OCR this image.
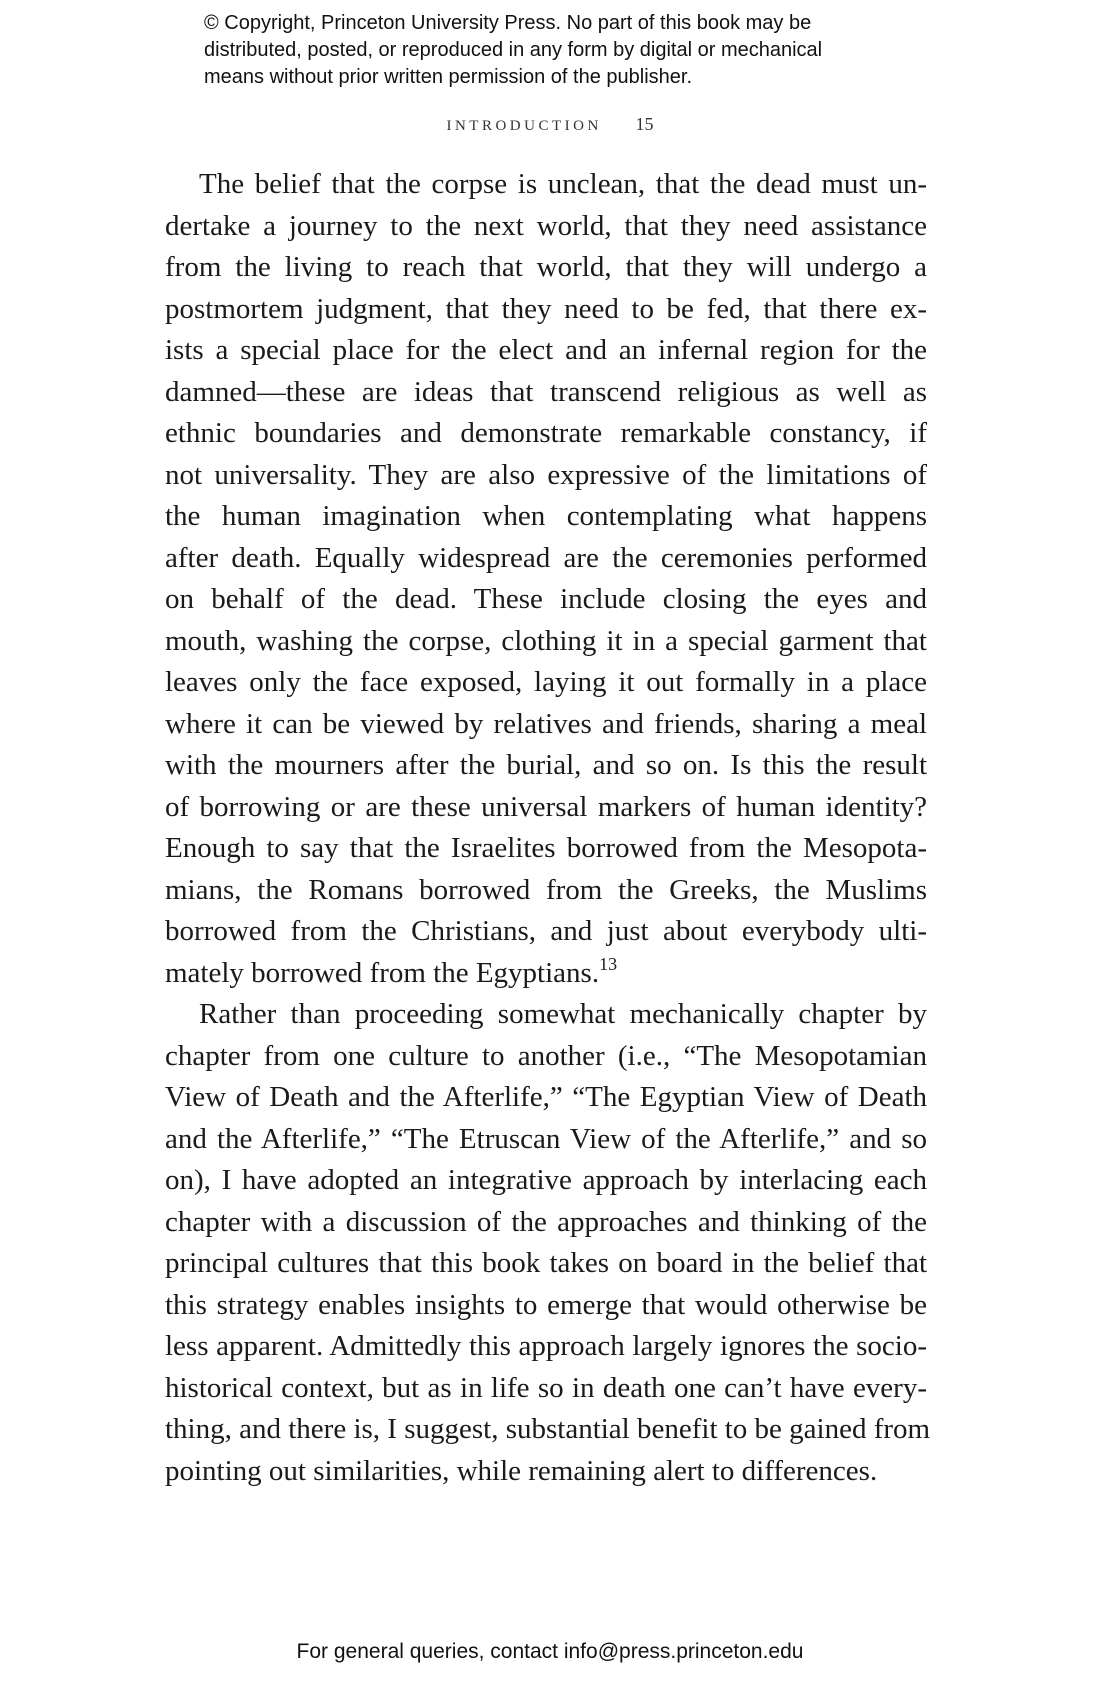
© Copyright, Princeton University Press. No part of this book may be
distributed, posted, or reproduced in any form by digital or mechanical
means without prior written permission of the publisher.
INTRODUCTION 15
The belief that the corpse is unclean, that the dead must un-
dertake a journey to the next world, that they need assistance
from the living to reach that world, that they will undergo a
postmortem judgment, that they need to be fed, that there ex-
ists a special place for the elect and an infernal region for the
damned—these are ideas that transcend religious as well as
ethnic boundaries and demonstrate remarkable constancy, if
not universality. They are also expressive of the limitations of
the human imagination when contemplating what happens
after death. Equally widespread are the ceremonies performed
on behalf of the dead. These include closing the eyes and
mouth, washing the corpse, clothing it in a special garment that
leaves only the face exposed, laying it out formally in a place
where it can be viewed by relatives and friends, sharing a meal
with the mourners after the burial, and so on. Is this the result
of borrowing or are these universal markers of human identity?
Enough to say that the Israelites borrowed from the Mesopota-
mians, the Romans borrowed from the Greeks, the Muslims
borrowed from the Christians, and just about everybody ulti-
mately borrowed from the Egyptians.$^{13}$
Rather than proceeding somewhat mechanically chapter by
chapter from one culture to another (i.e., “The Mesopotamian
View of Death and the Afterlife,” “The Egyptian View of Death
and the Afterlife,” “The Etruscan View of the Afterlife,” and so
on), I have adopted an integrative approach by interlacing each
chapter with a discussion of the approaches and thinking of the
principal cultures that this book takes on board in the belief that
this strategy enables insights to emerge that would otherwise be
less apparent. Admittedly this approach largely ignores the socio-
historical context, but as in life so in death one can’t have every-
thing, and there is, I suggest, substantial benefit to be gained from
pointing out similarities, while remaining alert to differences.
For general queries, contact info@press.princeton.edu
